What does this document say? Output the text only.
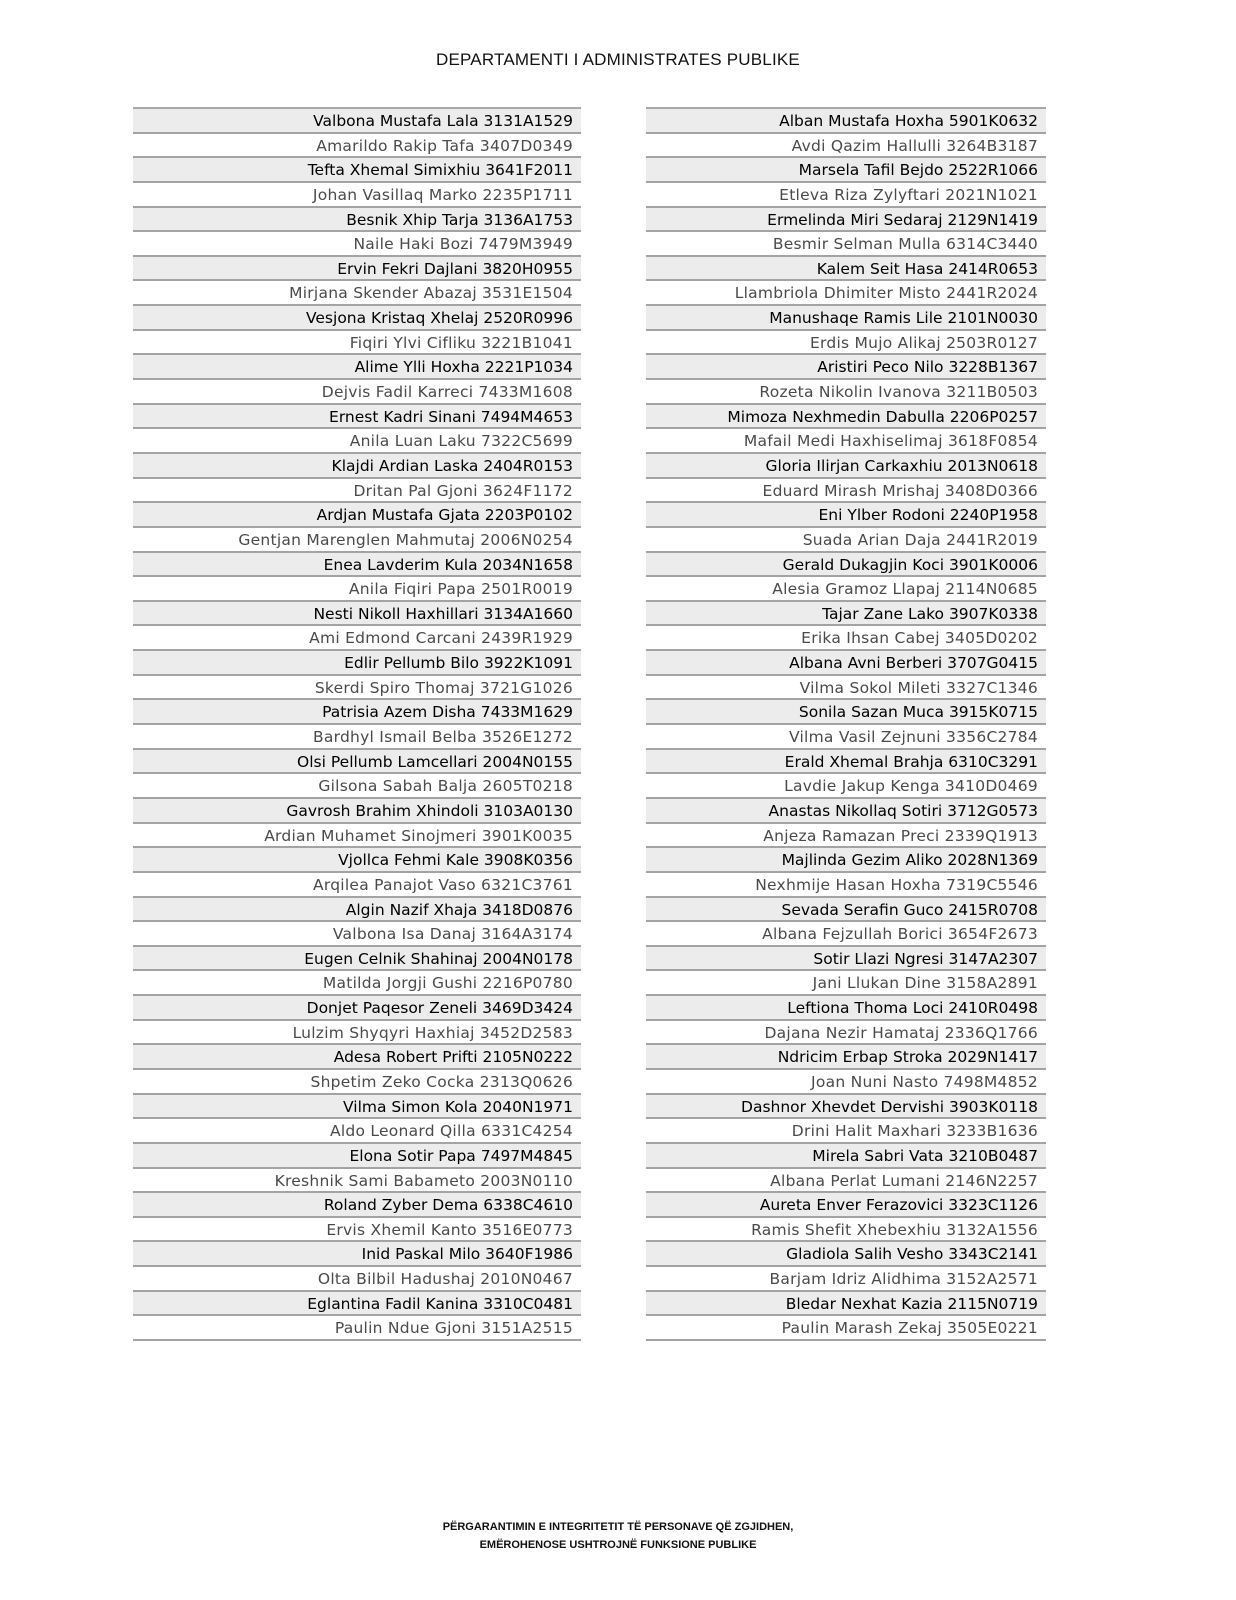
DEPARTAMENTI I ADMINISTRATES PUBLIKE
Valbona Mustafa Lala 3131A1529
Amarildo Rakip Tafa 3407D0349
Tefta Xhemal Simixhiu 3641F2011
Johan Vasillaq Marko 2235P1711
Besnik Xhip Tarja 3136A1753
Naile Haki Bozi 7479M3949
Ervin Fekri Dajlani 3820H0955
Mirjana Skender Abazaj 3531E1504
Vesjona Kristaq Xhelaj 2520R0996
Fiqiri Ylvi Cifliku 3221B1041
Alime Ylli Hoxha 2221P1034
Dejvis Fadil Karreci 7433M1608
Ernest Kadri Sinani 7494M4653
Anila Luan Laku 7322C5699
Klajdi Ardian Laska 2404R0153
Dritan Pal Gjoni 3624F1172
Ardjan Mustafa Gjata 2203P0102
Gentjan Marenglen Mahmutaj 2006N0254
Enea Lavderim Kula 2034N1658
Anila Fiqiri Papa 2501R0019
Nesti Nikoll Haxhillari 3134A1660
Ami Edmond Carcani 2439R1929
Edlir Pellumb Bilo 3922K1091
Skerdi Spiro Thomaj 3721G1026
Patrisia Azem Disha 7433M1629
Bardhyl Ismail Belba 3526E1272
Olsi Pellumb Lamcellari 2004N0155
Gilsona Sabah Balja 2605T0218
Gavrosh Brahim Xhindoli 3103A0130
Ardian Muhamet Sinojmeri 3901K0035
Vjollca Fehmi Kale 3908K0356
Arqilea Panajot Vaso 6321C3761
Algin Nazif Xhaja 3418D0876
Valbona Isa Danaj 3164A3174
Eugen Celnik Shahinaj 2004N0178
Matilda Jorgji Gushi 2216P0780
Donjet Paqesor Zeneli 3469D3424
Lulzim Shyqyri Haxhiaj 3452D2583
Adesa Robert Prifti 2105N0222
Shpetim Zeko Cocka 2313Q0626
Vilma Simon Kola 2040N1971
Aldo Leonard Qilla 6331C4254
Elona Sotir Papa 7497M4845
Kreshnik Sami Babameto 2003N0110
Roland Zyber Dema 6338C4610
Ervis Xhemil Kanto 3516E0773
Inid Paskal Milo 3640F1986
Olta Bilbil Hadushaj 2010N0467
Eglantina Fadil Kanina 3310C0481
Paulin Ndue Gjoni 3151A2515
Alban Mustafa Hoxha 5901K0632
Avdi Qazim Hallulli 3264B3187
Marsela Tafil Bejdo 2522R1066
Etleva Riza Zylyftari 2021N1021
Ermelinda Miri Sedaraj 2129N1419
Besmir Selman Mulla 6314C3440
Kalem Seit Hasa 2414R0653
Llambriola Dhimiter Misto 2441R2024
Manushaqe Ramis Lile 2101N0030
Erdis Mujo Alikaj 2503R0127
Aristiri Peco Nilo 3228B1367
Rozeta Nikolin Ivanova 3211B0503
Mimoza Nexhmedin Dabulla 2206P0257
Mafail Medi Haxhiselimaj 3618F0854
Gloria Ilirjan Carkaxhiu 2013N0618
Eduard Mirash Mrishaj 3408D0366
Eni Ylber Rodoni 2240P1958
Suada Arian Daja 2441R2019
Gerald Dukagjin Koci 3901K0006
Alesia Gramoz Llapaj 2114N0685
Tajar Zane Lako 3907K0338
Erika Ihsan Cabej 3405D0202
Albana Avni Berberi 3707G0415
Vilma Sokol Mileti 3327C1346
Sonila Sazan Muca 3915K0715
Vilma Vasil Zejnuni 3356C2784
Erald Xhemal Brahja 6310C3291
Lavdie Jakup Kenga 3410D0469
Anastas Nikollaq Sotiri 3712G0573
Anjeza Ramazan Preci 2339Q1913
Majlinda Gezim Aliko 2028N1369
Nexhmije Hasan Hoxha 7319C5546
Sevada Serafin Guco 2415R0708
Albana Fejzullah Borici 3654F2673
Sotir Llazi Ngresi 3147A2307
Jani Llukan Dine 3158A2891
Leftiona Thoma Loci 2410R0498
Dajana Nezir Hamataj 2336Q1766
Ndricim Erbap Stroka 2029N1417
Joan Nuni Nasto 7498M4852
Dashnor Xhevdet Dervishi 3903K0118
Drini Halit Maxhari 3233B1636
Mirela Sabri Vata 3210B0487
Albana Perlat Lumani 2146N2257
Aureta Enver Ferazovici 3323C1126
Ramis Shefit Xhebexhiu 3132A1556
Gladiola Salih Vesho 3343C2141
Barjam Idriz Alidhima 3152A2571
Bledar Nexhat Kazia 2115N0719
Paulin Marash Zekaj 3505E0221
PËRGARANTIMIN E INTEGRITETIT TË PERSONAVE QË ZGJIDHEN,
EMËROHENOSE USHTROJNË FUNKSIONE PUBLIKE
